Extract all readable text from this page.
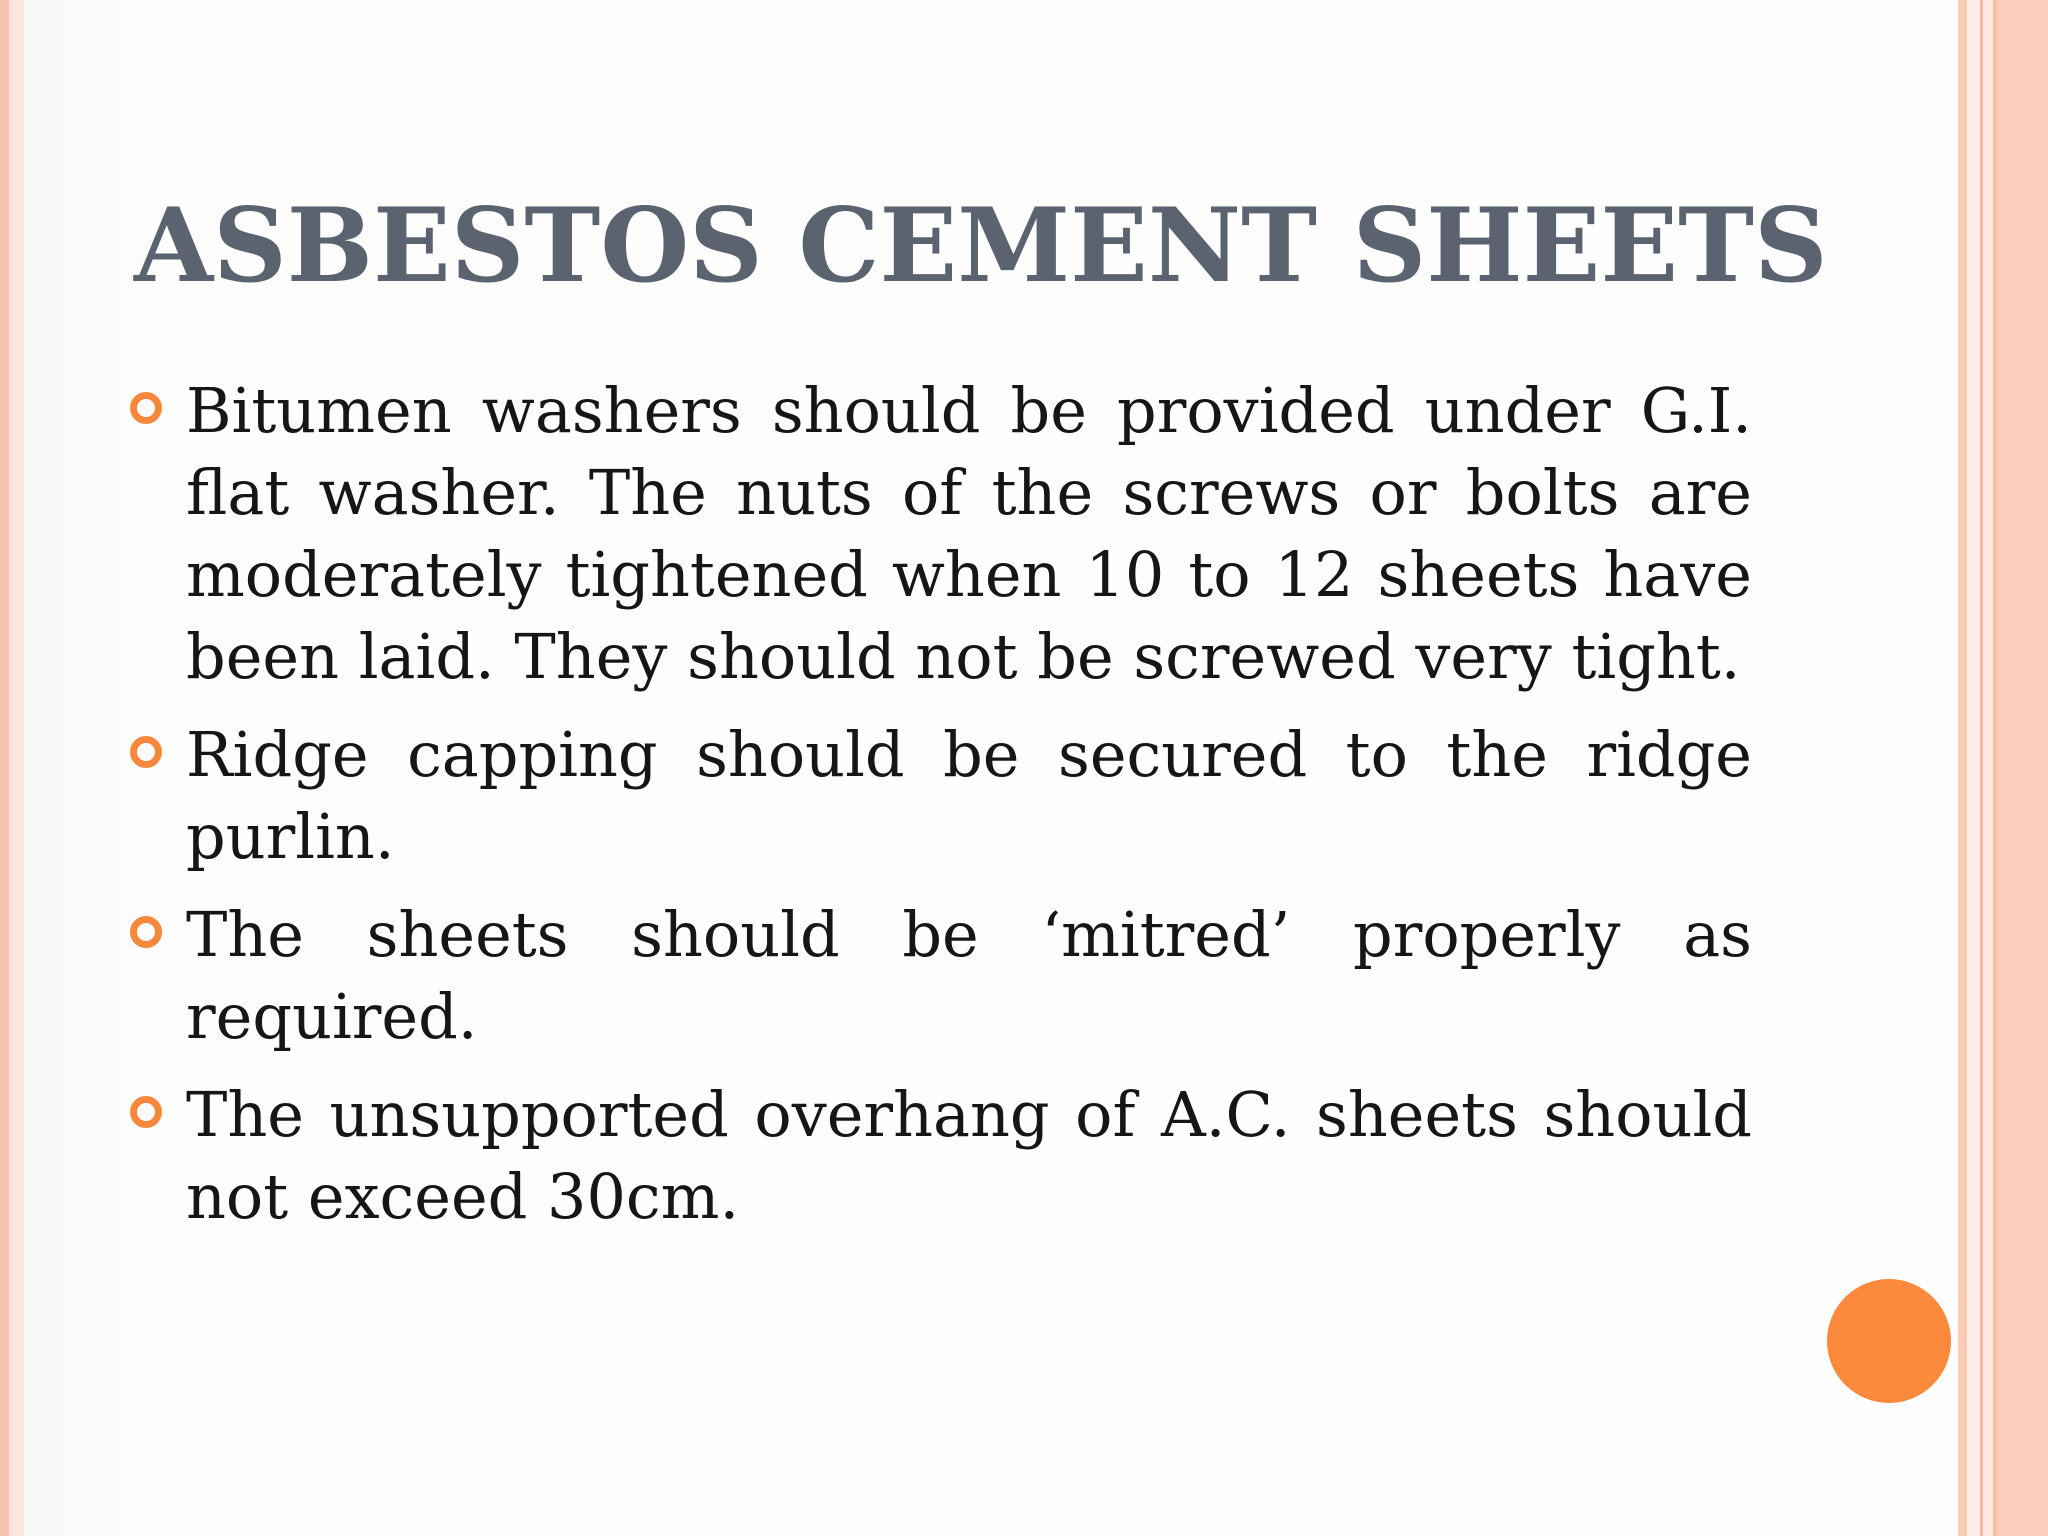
ASBESTOS CEMENT SHEETS
Bitumen washers should be provided under G.I. flat washer. The nuts of the screws or bolts are moderately tightened when 10 to 12 sheets have been laid. They should not be screwed very tight.
Ridge capping should be secured to the ridge purlin.
The sheets should be ‘mitred’ properly as required.
The unsupported overhang of A.C. sheets should not exceed 30cm.
